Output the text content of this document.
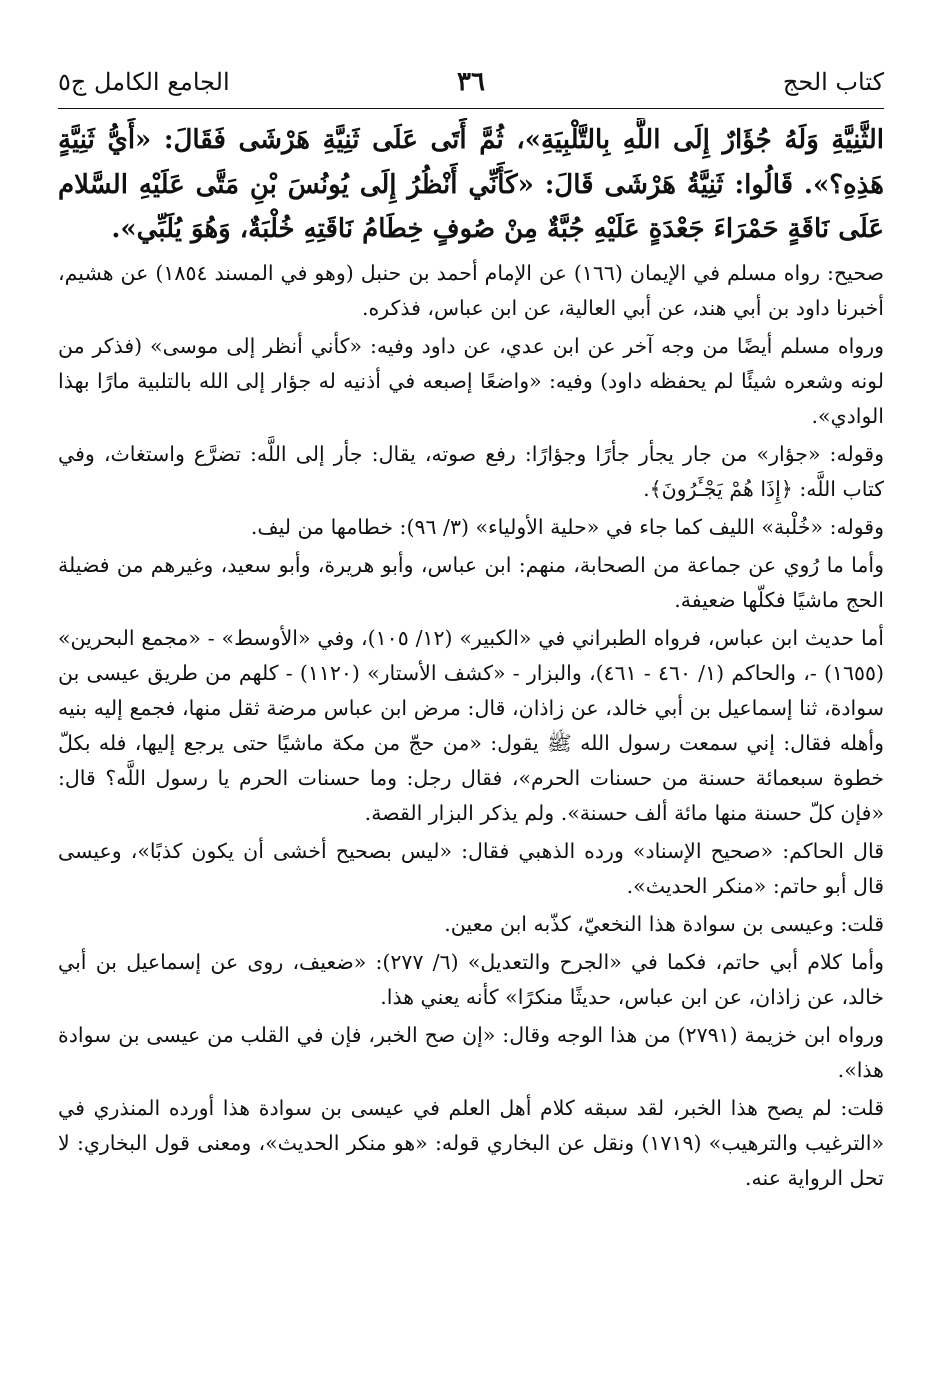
كتاب الحج
٣٦
الجامع الكامل ج٥

الثَّنِيَّةِ وَلَهُ جُؤَارٌ إِلَى اللَّهِ بِالتَّلْبِيَةِ»، ثُمَّ أَتَى عَلَى ثَنِيَّةِ هَرْشَى فَقَالَ: «أَيُّ ثَنِيَّةٍ هَذِهِ؟». قَالُوا: ثَنِيَّةُ هَرْشَى قَالَ: «كَأَنِّي أَنْظُرُ إِلَى يُونُسَ بْنِ مَتَّى عَلَيْهِ السَّلام عَلَى نَاقَةٍ حَمْرَاءَ جَعْدَةٍ عَلَيْهِ جُبَّةٌ مِنْ صُوفٍ خِطَامُ نَاقَتِهِ خُلْبَةٌ، وَهُوَ يُلَبِّي».

صحيح: رواه مسلم في الإيمان (١٦٦) عن الإمام أحمد بن حنبل (وهو في المسند ١٨٥٤) عن هشيم، أخبرنا داود بن أبي هند، عن أبي العالية، عن ابن عباس، فذكره.

ورواه مسلم أيضًا من وجه آخر عن ابن عدي، عن داود وفيه: «كأني أنظر إلى موسى» (فذكر من لونه وشعره شيئًا لم يحفظه داود) وفيه: «واضعًا إصبعه في أذنيه له جؤار إلى الله بالتلبية مارًا بهذا الوادي».

وقوله: «جؤار» من جار يجأر جأرًا وجؤارًا: رفع صوته، يقال: جأر إلى اللَّه: تضرَّع واستغاث، وفي كتاب اللَّه: ﴿إِذَا هُمْ يَجْـَٔرُونَ﴾.

وقوله: «خُلْبة» الليف كما جاء في «حلية الأولياء» (٣/ ٩٦): خطامها من ليف.

وأما ما رُوي عن جماعة من الصحابة، منهم: ابن عباس، وأبو هريرة، وأبو سعيد، وغيرهم من فضيلة الحج ماشيًا فكلّها ضعيفة.

أما حديث ابن عباس، فرواه الطبراني في «الكبير» (١٢/ ١٠٥)، وفي «الأوسط» - «مجمع البحرين» (١٦٥٥) -، والحاكم (١/ ٤٦٠ - ٤٦١)، والبزار - «كشف الأستار» (١١٢٠) - كلهم من طريق عيسى بن سوادة، ثنا إسماعيل بن أبي خالد، عن زاذان، قال: مرض ابن عباس مرضة ثقل منها، فجمع إليه بنيه وأهله فقال: إني سمعت رسول الله ﷺ يقول: «من حجّ من مكة ماشيًا حتى يرجع إليها، فله بكلّ خطوة سبعمائة حسنة من حسنات الحرم»، فقال رجل: وما حسنات الحرم يا رسول اللَّه؟ قال: «فإن كلّ حسنة منها مائة ألف حسنة». ولم يذكر البزار القصة.

قال الحاكم: «صحيح الإسناد» ورده الذهبي فقال: «ليس بصحيح أخشى أن يكون كذبًا»، وعيسى قال أبو حاتم: «منكر الحديث».

قلت: وعيسى بن سوادة هذا النخعيّ، كذّبه ابن معين.

وأما كلام أبي حاتم، فكما في «الجرح والتعديل» (٦/ ٢٧٧): «ضعيف، روى عن إسماعيل بن أبي خالد، عن زاذان، عن ابن عباس، حديثًا منكرًا» كأنه يعني هذا.

ورواه ابن خزيمة (٢٧٩١) من هذا الوجه وقال: «إن صح الخبر، فإن في القلب من عيسى بن سوادة هذا».

قلت: لم يصح هذا الخبر، لقد سبقه كلام أهل العلم في عيسى بن سوادة هذا أورده المنذري في «الترغيب والترهيب» (١٧١٩) ونقل عن البخاري قوله: «هو منكر الحديث»، ومعنى قول البخاري: لا تحل الرواية عنه.
